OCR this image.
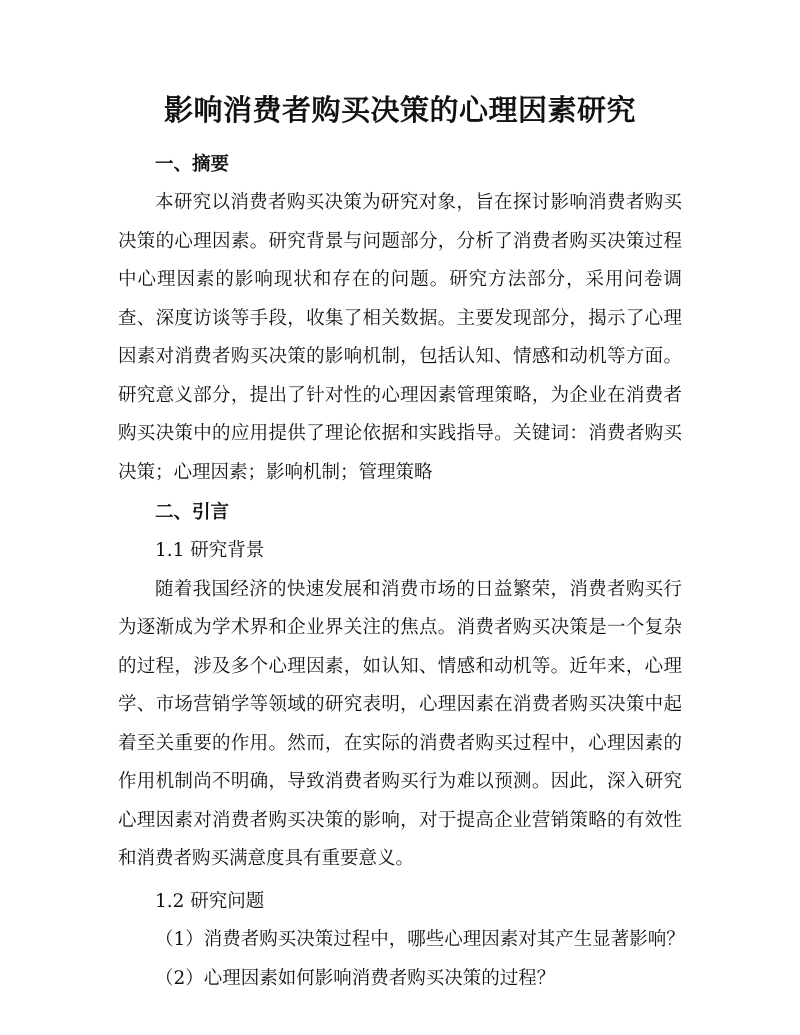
影响消费者购买决策的心理因素研究
一、摘要

本研究以消费者购买决策为研究对象，旨在探讨影响消费者购买决策的心理因素。研究背景与问题部分，分析了消费者购买决策过程中心理因素的影响现状和存在的问题。研究方法部分，采用问卷调查、深度访谈等手段，收集了相关数据。主要发现部分，揭示了心理因素对消费者购买决策的影响机制，包括认知、情感和动机等方面。研究意义部分，提出了针对性的心理因素管理策略，为企业在消费者购买决策中的应用提供了理论依据和实践指导。关键词：消费者购买决策；心理因素；影响机制；管理策略

二、引言

1.1 研究背景

随着我国经济的快速发展和消费市场的日益繁荣，消费者购买行为逐渐成为学术界和企业界关注的焦点。消费者购买决策是一个复杂的过程，涉及多个心理因素，如认知、情感和动机等。近年来，心理学、市场营销学等领域的研究表明，心理因素在消费者购买决策中起着至关重要的作用。然而，在实际的消费者购买过程中，心理因素的作用机制尚不明确，导致消费者购买行为难以预测。因此，深入研究心理因素对消费者购买决策的影响，对于提高企业营销策略的有效性和消费者购买满意度具有重要意义。

1.2 研究问题

（1）消费者购买决策过程中，哪些心理因素对其产生显著影响？

（2）心理因素如何影响消费者购买决策的过程？
